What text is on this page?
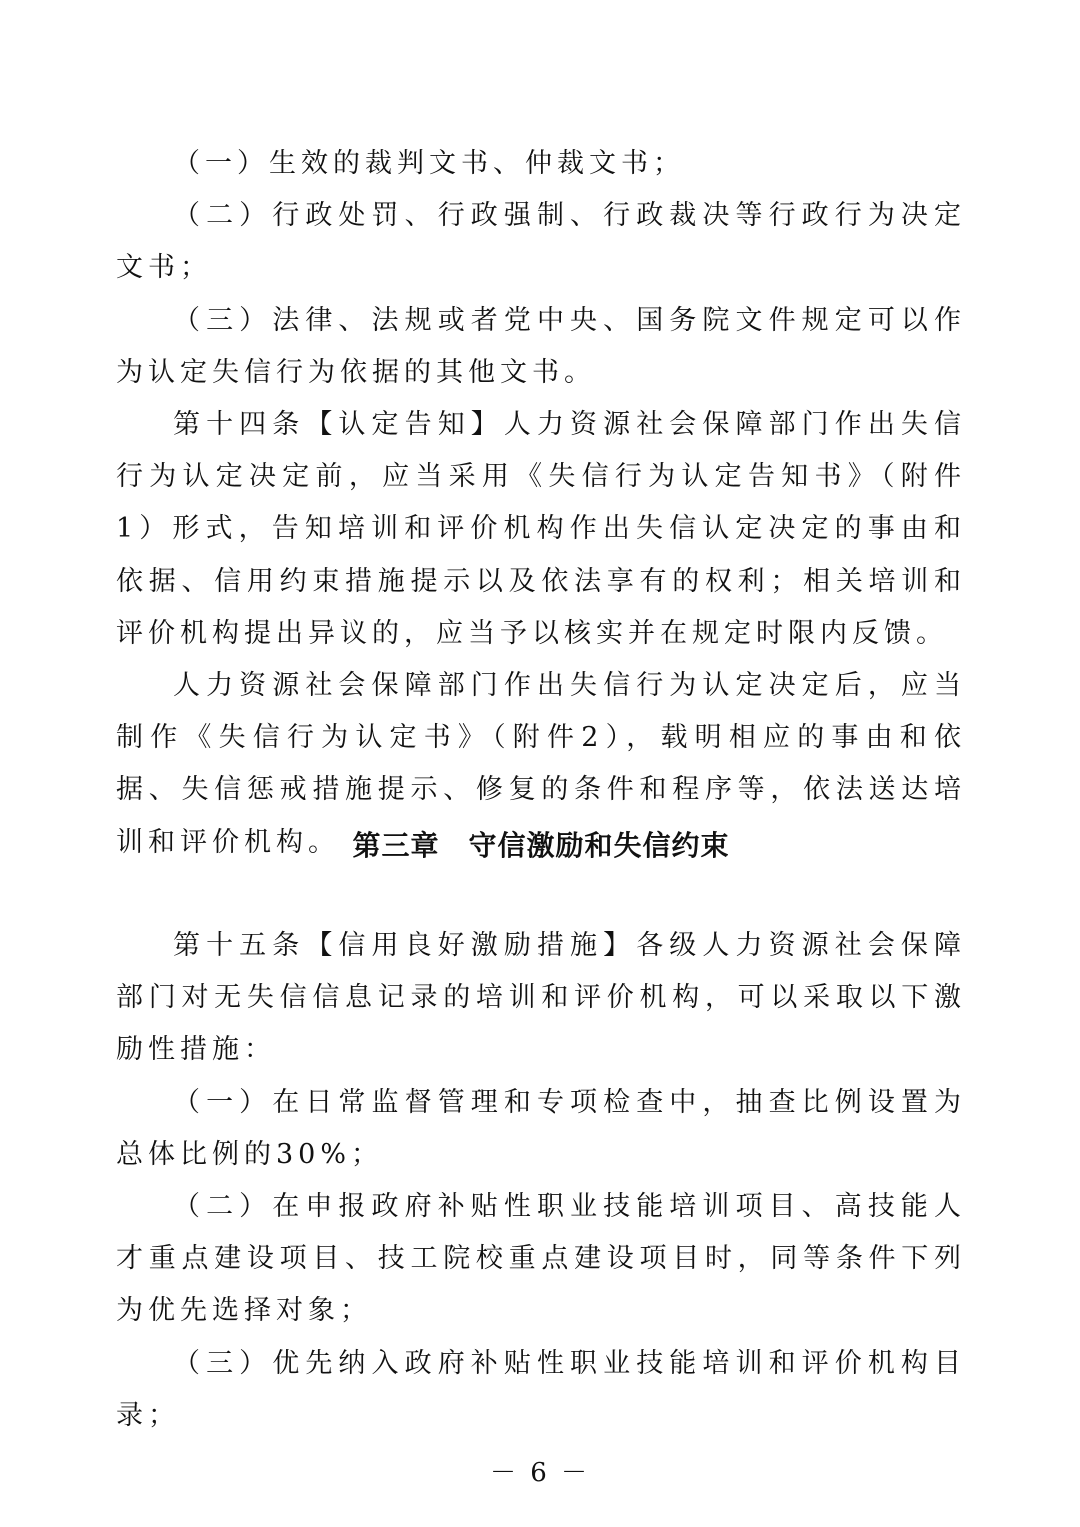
（一）生效的裁判文书、仲裁文书；

（二）行政处罚、行政强制、行政裁决等行政行为决定文书；

（三）法律、法规或者党中央、国务院文件规定可以作为认定失信行为依据的其他文书。

第十四条【认定告知】人力资源社会保障部门作出失信行为认定决定前，应当采用《失信行为认定告知书》（附件1）形式，告知培训和评价机构作出失信认定决定的事由和依据、信用约束措施提示以及依法享有的权利；相关培训和评价机构提出异议的，应当予以核实并在规定时限内反馈。

人力资源社会保障部门作出失信行为认定决定后，应当制作《失信行为认定书》（附件2），载明相应的事由和依据、失信惩戒措施提示、修复的条件和程序等，依法送达培训和评价机构。 第三章　守信激励和失信约束

第十五条【信用良好激励措施】各级人力资源社会保障部门对无失信信息记录的培训和评价机构，可以采取以下激励性措施：

（一）在日常监督管理和专项检查中，抽查比例设置为总体比例的30%；

（二）在申报政府补贴性职业技能培训项目、高技能人才重点建设项目、技工院校重点建设项目时，同等条件下列为优先选择对象；

（三）优先纳入政府补贴性职业技能培训和评价机构目录；

－ 6 －
